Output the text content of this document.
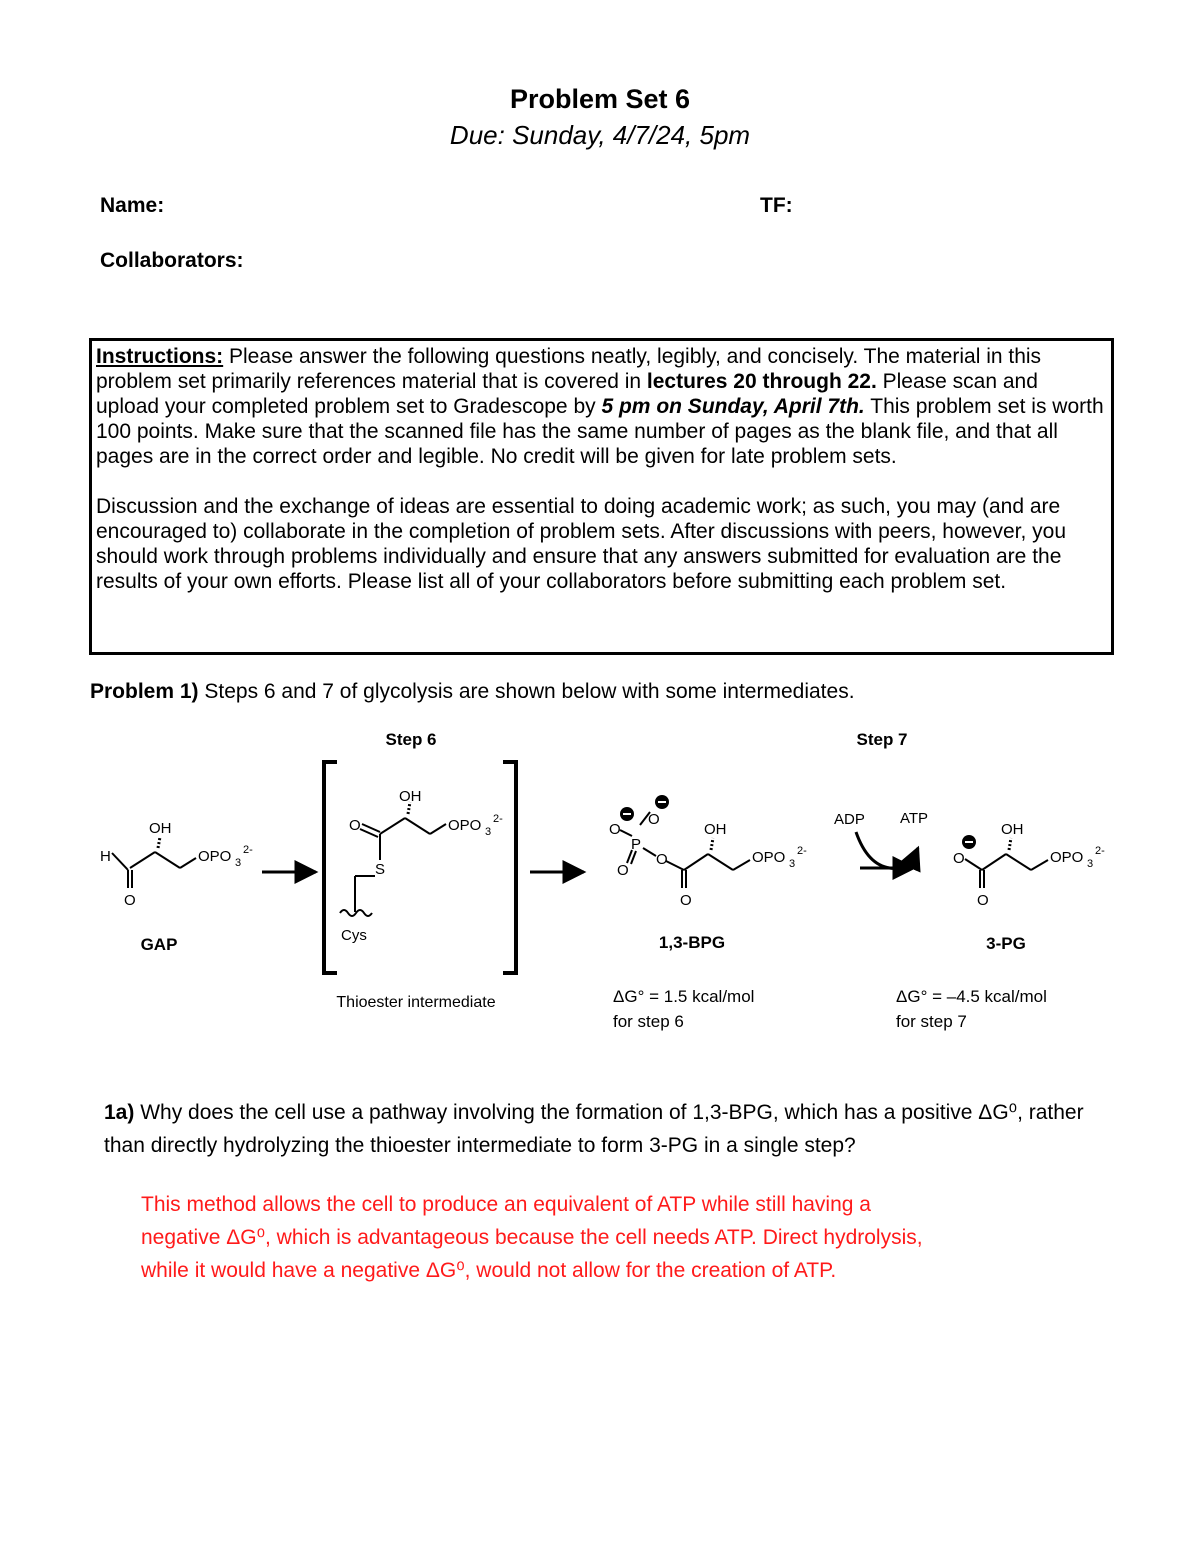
Problem Set 6
Due: Sunday, 4/7/24, 5pm
Name:	TF:
Collaborators:

Instructions: Please answer the following questions neatly, legibly, and concisely. The material in this problem set primarily references material that is covered in lectures 20 through 22. Please scan and upload your completed problem set to Gradescope by 5 pm on Sunday, April 7th. This problem set is worth 100 points. Make sure that the scanned file has the same number of pages as the blank file, and that all pages are in the correct order and legible. No credit will be given for late problem sets.

Discussion and the exchange of ideas are essential to doing academic work; as such, you may (and are encouraged to) collaborate in the completion of problem sets. After discussions with peers, however, you should work through problems individually and ensure that any answers submitted for evaluation are the results of your own efforts. Please list all of your collaborators before submitting each problem set.

Problem 1) Steps 6 and 7 of glycolysis are shown below with some intermediates.
Step 6	Step 7
H
O
OH
OPO 3
2-
GAP
O
OH
OPO 3
2-
S
Cys
Thioester intermediate
O
O
P
O
O
O
OH
OPO 3
2-
1,3-BPG
ΔG° = 1.5 kcal/mol
for step 6
ADP ATP
O
O
OH
OPO 3
2-
3-PG
ΔG° = –4.5 kcal/mol
for step 7
1a) Why does the cell use a pathway involving the formation of 1,3-BPG, which has a positive ΔG⁰, rather than directly hydrolyzing the thioester intermediate to form 3-PG in a single step?
This method allows the cell to produce an equivalent of ATP while still having a
negative ΔG⁰, which is advantageous because the cell needs ATP. Direct hydrolysis,
while it would have a negative ΔG⁰, would not allow for the creation of ATP.
